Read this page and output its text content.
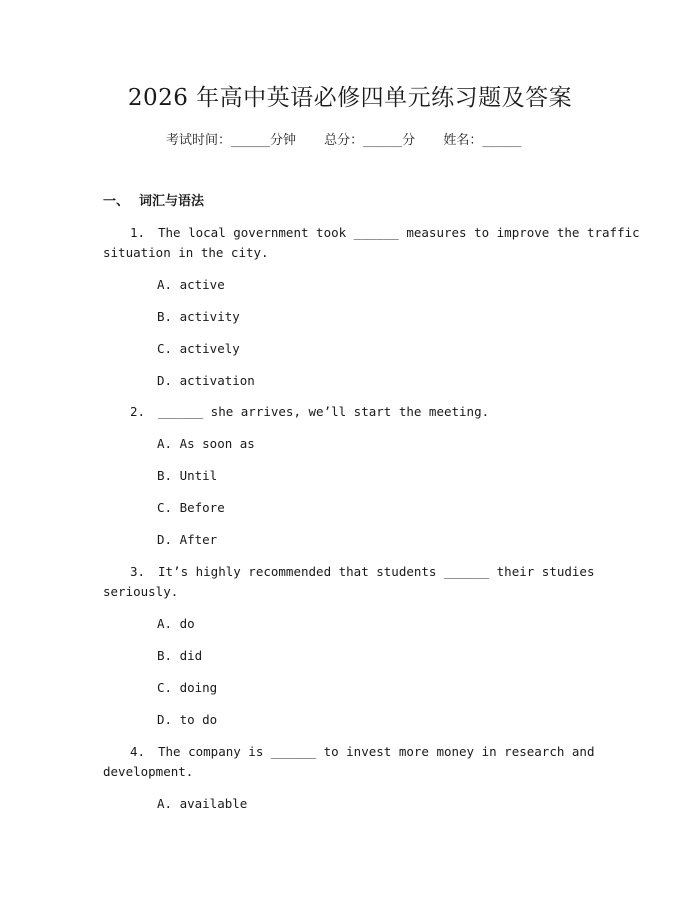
2026 年高中英语必修四单元练习题及答案
考试时间：______分钟 总分：______分 姓名：______
一、 词汇与语法
1. The local government took ______ measures to improve the traffic
situation in the city.
A. active
B. activity
C. actively
D. activation
2. ______ she arrives, we’ll start the meeting.
A. As soon as
B. Until
C. Before
D. After
3. It’s highly recommended that students ______ their studies
seriously.
A. do
B. did
C. doing
D. to do
4. The company is ______ to invest more money in research and
development.
A. available
